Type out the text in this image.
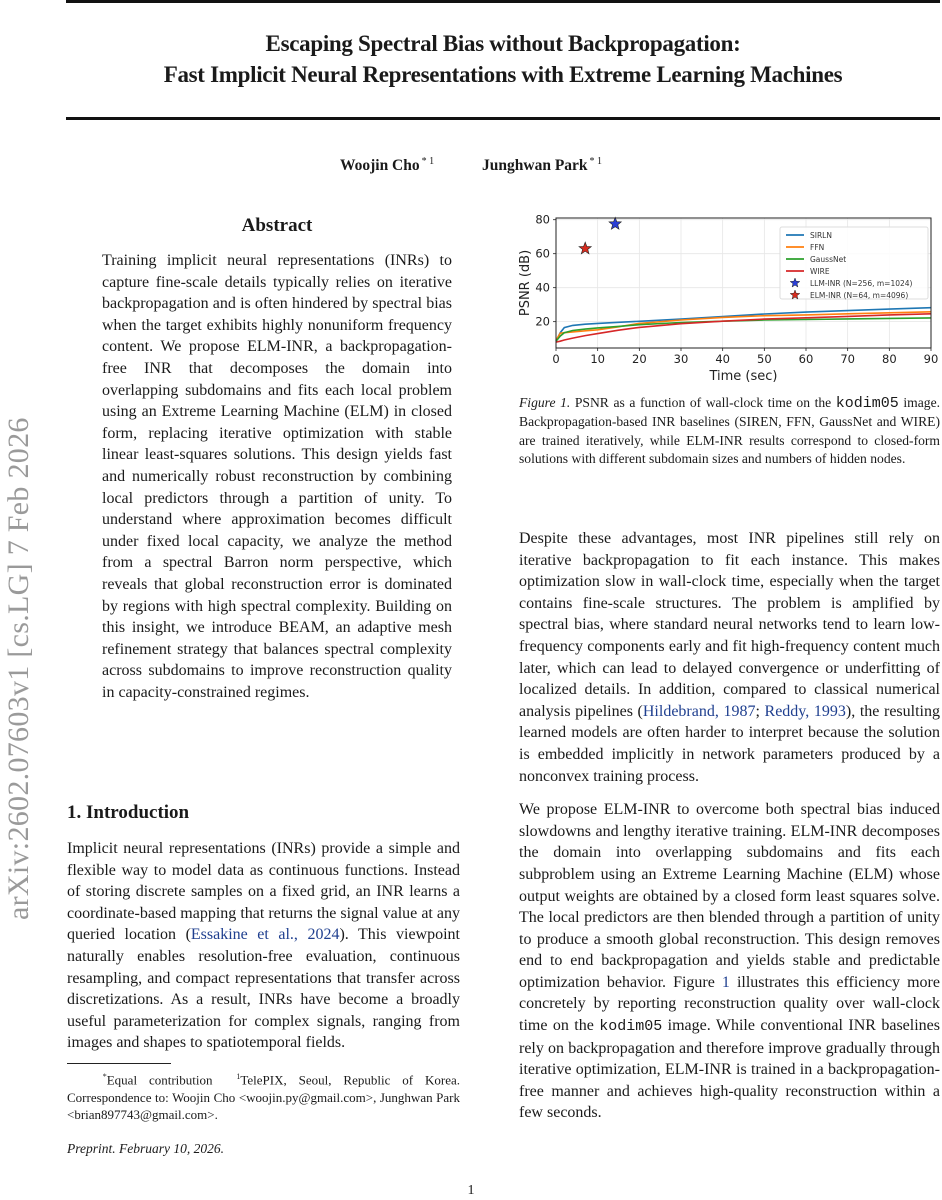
Escaping Spectral Bias without Backpropagation:
Fast Implicit Neural Representations with Extreme Learning Machines
Woojin Cho $^{* 1}$	Junghwan Park $^{* 1}$
arXiv:2602.07603v1 [cs.LG] 7 Feb 2026
Abstract

Training implicit neural representations (INRs) to capture fine-scale details typically relies on iterative backpropagation and is often hindered by spectral bias when the target exhibits highly nonuniform frequency content. We propose ELM-INR, a backpropagation-free INR that decomposes the domain into overlapping subdomains and fits each local problem using an Extreme Learning Machine (ELM) in closed form, replacing iterative optimization with stable linear least-squares solutions. This design yields fast and numerically robust reconstruction by combining local predictors through a partition of unity. To understand where approximation becomes difficult under fixed local capacity, we analyze the method from a spectral Barron norm perspective, which reveals that global reconstruction error is dominated by regions with high spectral complexity. Building on this insight, we introduce BEAM, an adaptive mesh refinement strategy that balances spectral complexity across subdomains to improve reconstruction quality in capacity-constrained regimes.

1. Introduction

Implicit neural representations (INRs) provide a simple and flexible way to model data as continuous functions. Instead of storing discrete samples on a fixed grid, an INR learns a coordinate-based mapping that returns the signal value at any queried location (Essakine et al., 2024). This viewpoint naturally enables resolution-free evaluation, continuous resampling, and compact representations that transfer across discretizations. As a result, INRs have become a broadly useful parameterization for complex signals, ranging from images and shapes to spatiotemporal fields.

*Equal contribution	$^1$TelePIX, Seoul, Republic of Korea. Correspondence to: Woojin Cho <woojin.py@gmail.com>, Junghwan Park <brian897743@gmail.com>.
Preprint. February 10, 2026.
0	10 20 30 40 50 60 70 80 90
20
40
60
80
Time (sec)
PSNR (dB)
SIRLN
FFN
GaussNet
WIRE
LLM-INR (N=256, m=1024)
ELM-INR (N=64, m=4096)
Figure 1. PSNR as a function of wall-clock time on the kodim05 image. Backpropagation-based INR baselines (SIREN, FFN, GaussNet and WIRE) are trained iteratively, while ELM-INR results correspond to closed-form solutions with different subdomain sizes and numbers of hidden nodes.

Despite these advantages, most INR pipelines still rely on iterative backpropagation to fit each instance. This makes optimization slow in wall-clock time, especially when the target contains fine-scale structures. The problem is amplified by spectral bias, where standard neural networks tend to learn low-frequency components early and fit high-frequency content much later, which can lead to delayed convergence or underfitting of localized details. In addition, compared to classical numerical analysis pipelines (Hildebrand, 1987; Reddy, 1993), the resulting learned models are often harder to interpret because the solution is embedded implicitly in network parameters produced by a nonconvex training process.

We propose ELM-INR to overcome both spectral bias induced slowdowns and lengthy iterative training. ELM-INR decomposes the domain into overlapping subdomains and fits each subproblem using an Extreme Learning Machine (ELM) whose output weights are obtained by a closed form least squares solve. The local predictors are then blended through a partition of unity to produce a smooth global reconstruction. This design removes end to end backpropagation and yields stable and predictable optimization behavior. Figure 1 illustrates this efficiency more concretely by reporting reconstruction quality over wall-clock time on the kodim05 image. While conventional INR baselines rely on backpropagation and therefore improve gradually through iterative optimization, ELM-INR is trained in a backpropagation-free manner and achieves high-quality reconstruction within a few seconds.

1
